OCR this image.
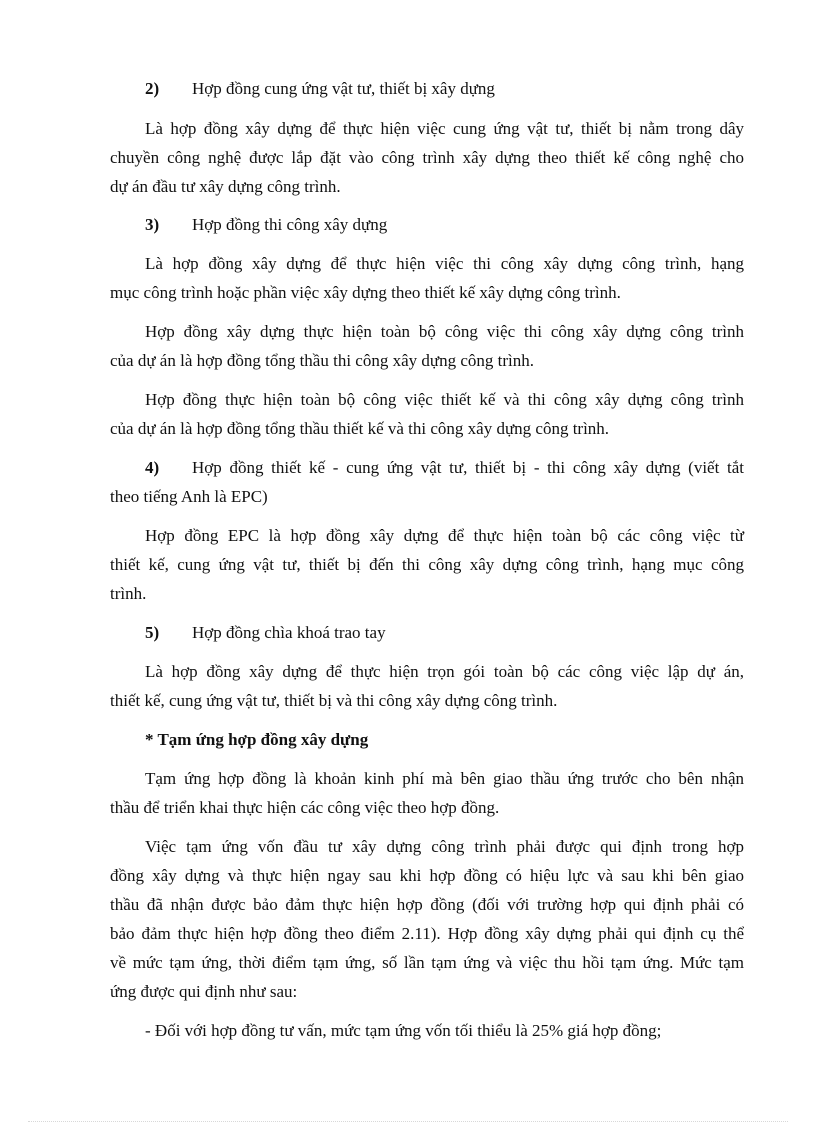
2) Hợp đồng cung ứng vật tư, thiết bị xây dựng
Là hợp đồng xây dựng để thực hiện việc cung ứng vật tư, thiết bị nằm trong dây
chuyền công nghệ được lắp đặt vào công trình xây dựng theo thiết kế công nghệ cho
dự án đầu tư xây dựng công trình.
3) Hợp đồng thi công xây dựng
Là hợp đồng xây dựng để thực hiện việc thi công xây dựng công trình, hạng
mục công trình hoặc phần việc xây dựng theo thiết kế xây dựng công trình.
Hợp đồng xây dựng thực hiện toàn bộ công việc thi công xây dựng công trình
của dự án là hợp đồng tổng thầu thi công xây dựng công trình.
Hợp đồng thực hiện toàn bộ công việc thiết kế và thi công xây dựng công trình
của dự án là hợp đồng tổng thầu thiết kế và thi công xây dựng công trình.
4) Hợp đồng thiết kế - cung ứng vật tư, thiết bị - thi công xây dựng (viết tắt
theo tiếng Anh là EPC)
Hợp đồng EPC là hợp đồng xây dựng để thực hiện toàn bộ các công việc từ
thiết kế, cung ứng vật tư, thiết bị đến thi công xây dựng công trình, hạng mục công
trình.
5) Hợp đồng chìa khoá trao tay
Là hợp đồng xây dựng để thực hiện trọn gói toàn bộ các công việc lập dự án,
thiết kế, cung ứng vật tư, thiết bị và thi công xây dựng công trình.
* Tạm ứng hợp đồng xây dựng
Tạm ứng hợp đồng là khoản kinh phí mà bên giao thầu ứng trước cho bên nhận
thầu để triển khai thực hiện các công việc theo hợp đồng.
Việc tạm ứng vốn đầu tư xây dựng công trình phải được qui định trong hợp
đồng xây dựng và thực hiện ngay sau khi hợp đồng có hiệu lực và sau khi bên giao
thầu đã nhận được bảo đảm thực hiện hợp đồng (đối với trường hợp qui định phải có
bảo đảm thực hiện hợp đồng theo điểm 2.11). Hợp đồng xây dựng phải qui định cụ thể
về mức tạm ứng, thời điểm tạm ứng, số lần tạm ứng và việc thu hồi tạm ứng. Mức tạm
ứng được qui định như sau:
- Đối với hợp đồng tư vấn, mức tạm ứng vốn tối thiểu là 25% giá hợp đồng;
